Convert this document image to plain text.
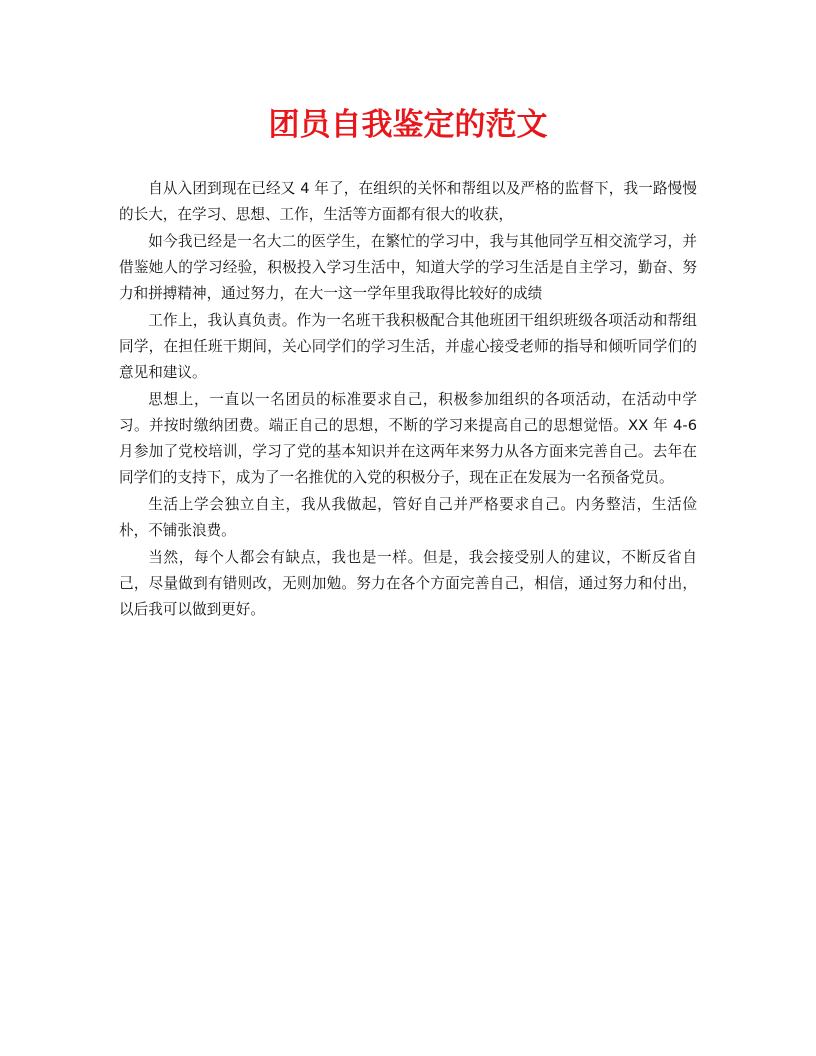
团员自我鉴定的范文

自从入团到现在已经又 4 年了，在组织的关怀和帮组以及严格的监督下，我一路慢慢的长大，在学习、思想、工作，生活等方面都有很大的收获，

如今我已经是一名大二的医学生，在繁忙的学习中，我与其他同学互相交流学习，并借鉴她人的学习经验，积极投入学习生活中，知道大学的学习生活是自主学习，勤奋、努力和拼搏精神，通过努力，在大一这一学年里我取得比较好的成绩

工作上，我认真负责。作为一名班干我积极配合其他班团干组织班级各项活动和帮组同学，在担任班干期间，关心同学们的学习生活，并虚心接受老师的指导和倾听同学们的意见和建议。

思想上，一直以一名团员的标准要求自己，积极参加组织的各项活动，在活动中学习。并按时缴纳团费。端正自己的思想，不断的学习来提高自己的思想觉悟。XX 年 4-6 月参加了党校培训，学习了党的基本知识并在这两年来努力从各方面来完善自己。去年在同学们的支持下，成为了一名推优的入党的积极分子，现在正在发展为一名预备党员。

生活上学会独立自主，我从我做起，管好自己并严格要求自己。内务整洁，生活俭朴，不铺张浪费。

当然，每个人都会有缺点，我也是一样。但是，我会接受别人的建议，不断反省自己，尽量做到有错则改，无则加勉。努力在各个方面完善自己，相信，通过努力和付出，以后我可以做到更好。
